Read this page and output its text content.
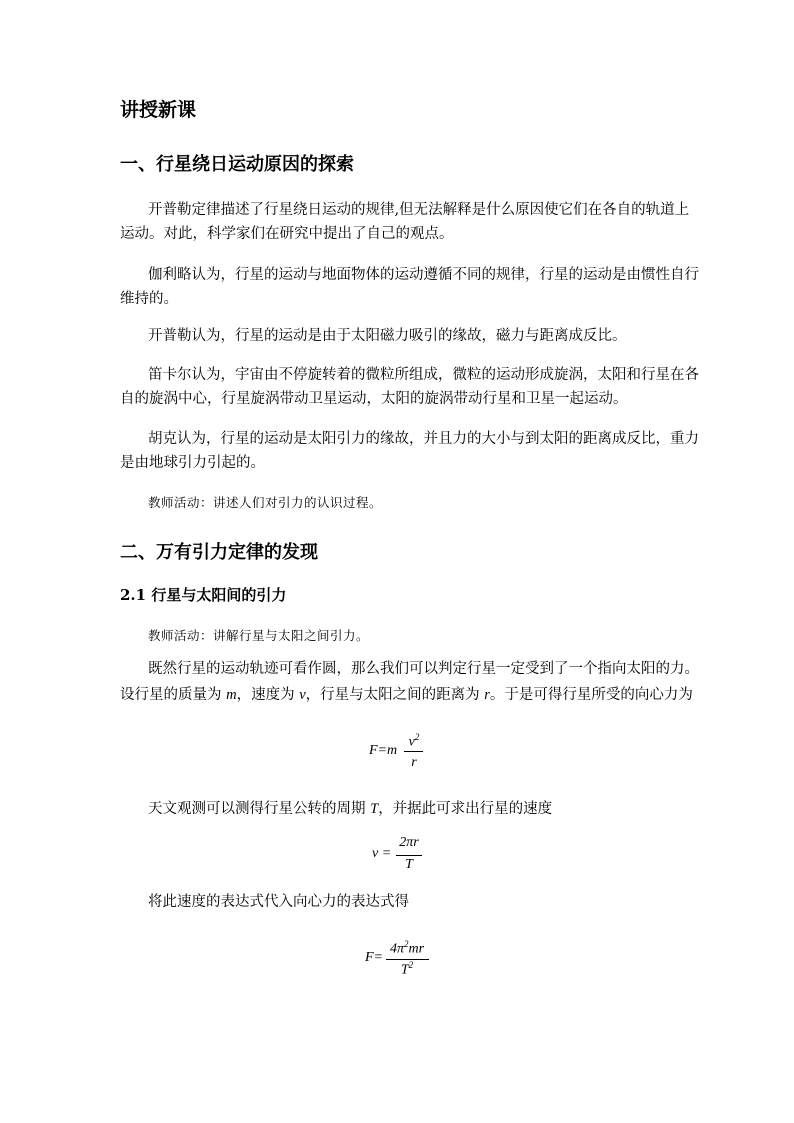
讲授新课
一、行星绕日运动原因的探索
开普勒定律描述了行星绕日运动的规律,但无法解释是什么原因使它们在各自的轨道上
运动。对此，科学家们在研究中提出了自己的观点。
伽利略认为，行星的运动与地面物体的运动遵循不同的规律，行星的运动是由惯性自行
维持的。
开普勒认为，行星的运动是由于太阳磁力吸引的缘故，磁力与距离成反比。
笛卡尔认为，宇宙由不停旋转着的微粒所组成，微粒的运动形成旋涡，太阳和行星在各
自的旋涡中心，行星旋涡带动卫星运动，太阳的旋涡带动行星和卫星一起运动。
胡克认为，行星的运动是太阳引力的缘故，并且力的大小与到太阳的距离成反比，重力
是由地球引力引起的。
教师活动：讲述人们对引力的认识过程。
二、万有引力定律的发现
2.1 行星与太阳间的引力
教师活动：讲解行星与太阳之间引力。
既然行星的运动轨迹可看作圆，那么我们可以判定行星一定受到了一个指向太阳的力。
设行星的质量为 m，速度为 v，行星与太阳之间的距离为 r。于是可得行星所受的向心力为
F=m
$v^2$
r
天文观测可以测得行星公转的周期 T，并据此可求出行星的速度
v =
2πr
T
将此速度的表达式代入向心力的表达式得
F=
$4\pi^2mr$
$T^2$
